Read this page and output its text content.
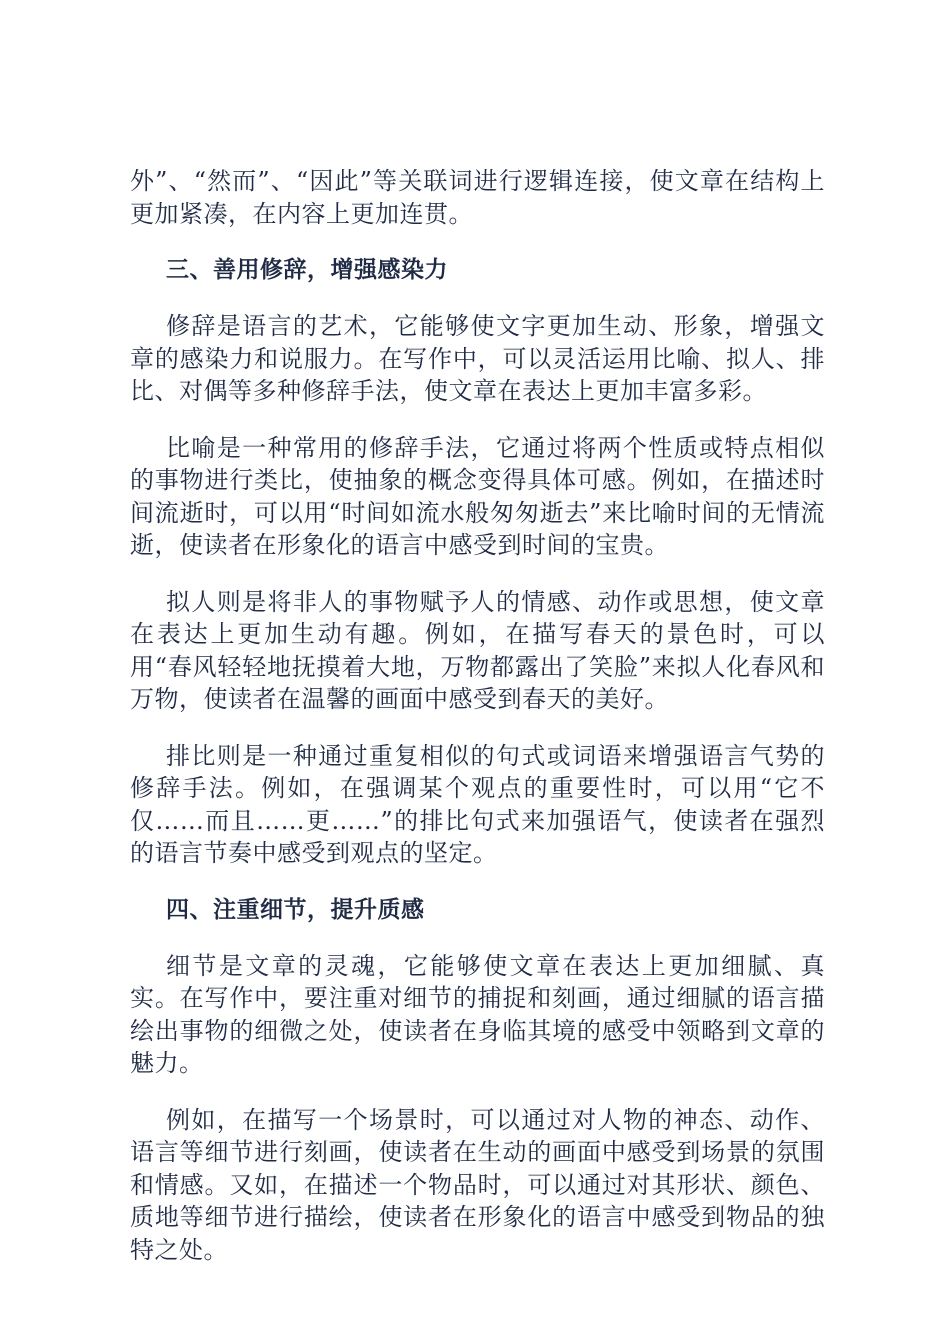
外”、“然而”、“因此”等关联词进行逻辑连接，使文章在结构上更加紧凑，在内容上更加连贯。

三、善用修辞，增强感染力

修辞是语言的艺术，它能够使文字更加生动、形象，增强文章的感染力和说服力。在写作中，可以灵活运用比喻、拟人、排比、对偶等多种修辞手法，使文章在表达上更加丰富多彩。

比喻是一种常用的修辞手法，它通过将两个性质或特点相似的事物进行类比，使抽象的概念变得具体可感。例如，在描述时间流逝时，可以用“时间如流水般匆匆逝去”来比喻时间的无情流逝，使读者在形象化的语言中感受到时间的宝贵。

拟人则是将非人的事物赋予人的情感、动作或思想，使文章在表达上更加生动有趣。例如，在描写春天的景色时，可以用“春风轻轻地抚摸着大地，万物都露出了笑脸”来拟人化春风和万物，使读者在温馨的画面中感受到春天的美好。

排比则是一种通过重复相似的句式或词语来增强语言气势的修辞手法。例如，在强调某个观点的重要性时，可以用“它不仅……而且……更……”的排比句式来加强语气，使读者在强烈的语言节奏中感受到观点的坚定。

四、注重细节，提升质感

细节是文章的灵魂，它能够使文章在表达上更加细腻、真实。在写作中，要注重对细节的捕捉和刻画，通过细腻的语言描绘出事物的细微之处，使读者在身临其境的感受中领略到文章的魅力。

例如，在描写一个场景时，可以通过对人物的神态、动作、语言等细节进行刻画，使读者在生动的画面中感受到场景的氛围和情感。又如，在描述一个物品时，可以通过对其形状、颜色、质地等细节进行描绘，使读者在形象化的语言中感受到物品的独特之处。
